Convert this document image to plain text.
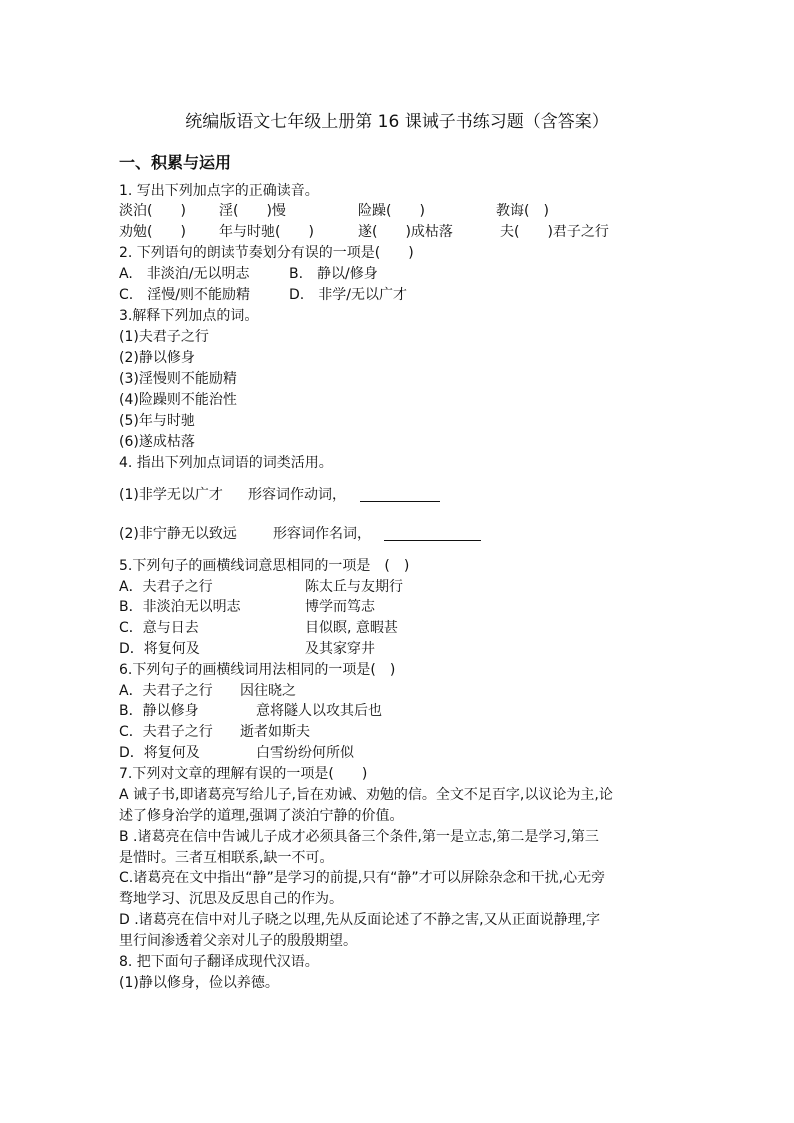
统编版语文七年级上册第 16 课诫子书练习题（含答案）
一、积累与运用
1. 写出下列加点字的正确读音。
淡泊(　　) 淫(　　)慢	险躁(　　)	教诲(　)
劝勉(　　) 年与时驰(　　)	遂(　　)成枯落	夫(　　)君子之行
2. 下列语句的朗读节奏划分有误的一项是(　　)
A.　非淡泊/无以明志	B.　静以/修身
C.　淫慢/则不能励精	D.　非学/无以广才
3.解释下列加点的词。
(1)夫君子之行
(2)静以修身
(3)淫慢则不能励精
(4)险躁则不能治性
(5)年与时驰
(6)遂成枯落
4. 指出下列加点词语的词类活用。
(1)非学无以广才 形容词作动词，
(2)非宁静无以致远	形容词作名词，
5.下列句子的画横线词意思相同的一项是　(　)
A．夫君子之行	陈太丘与友期行
B．非淡泊无以明志	博学而笃志
C．意与日去	目似瞑, 意暇甚
D．将复何及	及其家穿井
6.下列句子的画横线词用法相同的一项是(　)
A．夫君子之行 因往晓之
B．静以修身	意将隧人以攻其后也
C．夫君子之行 逝者如斯夫
D．将复何及	白雪纷纷何所似
7.下列对文章的理解有误的一项是(　　)
A 诫子书,即诸葛亮写给儿子,旨在劝诫、劝勉的信。全文不足百字,以议论为主,论
述了修身治学的道理,强调了淡泊宁静的价值。
B .诸葛亮在信中告诫儿子成才必须具备三个条件,第一是立志,第二是学习,第三
是惜时。三者互相联系,缺一不可。
C.诸葛亮在文中指出“静”是学习的前提,只有“静”才可以屏除杂念和干扰,心无旁
骛地学习、沉思及反思自己的作为。
D .诸葛亮在信中对儿子晓之以理,先从反面论述了不静之害,又从正面说静理,字
里行间渗透着父亲对儿子的殷殷期望。
8. 把下面句子翻译成现代汉语。
(1)静以修身，俭以养德。
